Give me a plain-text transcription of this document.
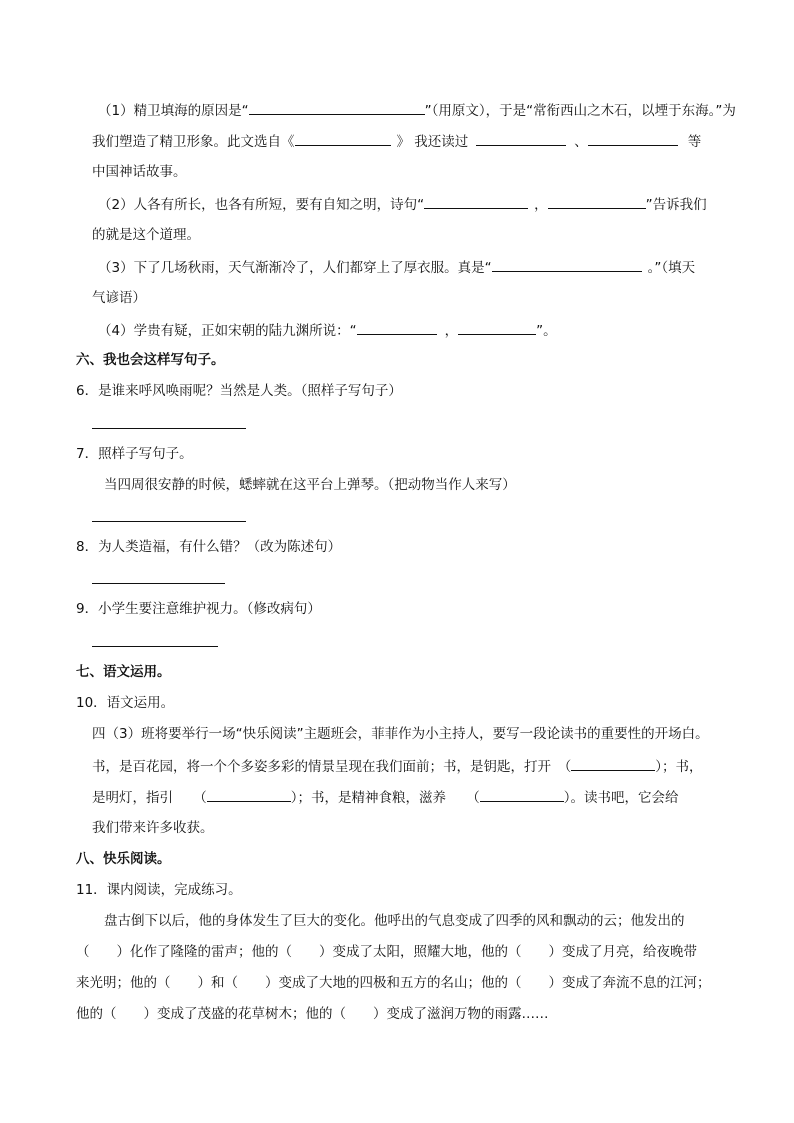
（1）精卫填海的原因是“	”（用原文），于是“常衔西山之木石，以堙于东海。”为
我们塑造了精卫形象。此文选自《	》 我还读过	、	等
中国神话故事。
（2）人各有所长，也各有所短，要有自知之明，诗句“	，	”告诉我们
的就是这个道理。
（3）下了几场秋雨，天气渐渐冷了，人们都穿上了厚衣服。真是“	。”（填天
气谚语）
（4）学贵有疑，正如宋朝的陆九渊所说：“	，	”。
六、我也会这样写句子。
6．是谁来呼风唤雨呢？当然是人类。（照样子写句子）
7．照样子写句子。
当四周很安静的时候，蟋蟀就在这平台上弹琴。（把动物当作人来写）
8．为人类造福，有什么错？（改为陈述句）
9．小学生要注意维护视力。（修改病句）
七、语文运用。
10．语文运用。
四（3）班将要举行一场“快乐阅读”主题班会，菲菲作为小主持人，要写一段论读书的重要性的开场白。
书，是百花园，将一个个多姿多彩的情景呈现在我们面前；书，是钥匙，打开　（	）；书，
是明灯，指引　　（	）；书，是精神食粮，滋养　　（	）。读书吧，它会给
我们带来许多收获。
八、快乐阅读。
11．课内阅读，完成练习。
盘古倒下以后，他的身体发生了巨大的变化。他呼出的气息变成了四季的风和飘动的云；他发出的
（　　）化作了隆隆的雷声；他的（　　）变成了太阳，照耀大地，他的（　　）变成了月亮，给夜晚带
来光明；他的（　　）和（　　）变成了大地的四极和五方的名山；他的（　　）变成了奔流不息的江河；
他的（　　）变成了茂盛的花草树木；他的（　　）变成了滋润万物的雨露……
